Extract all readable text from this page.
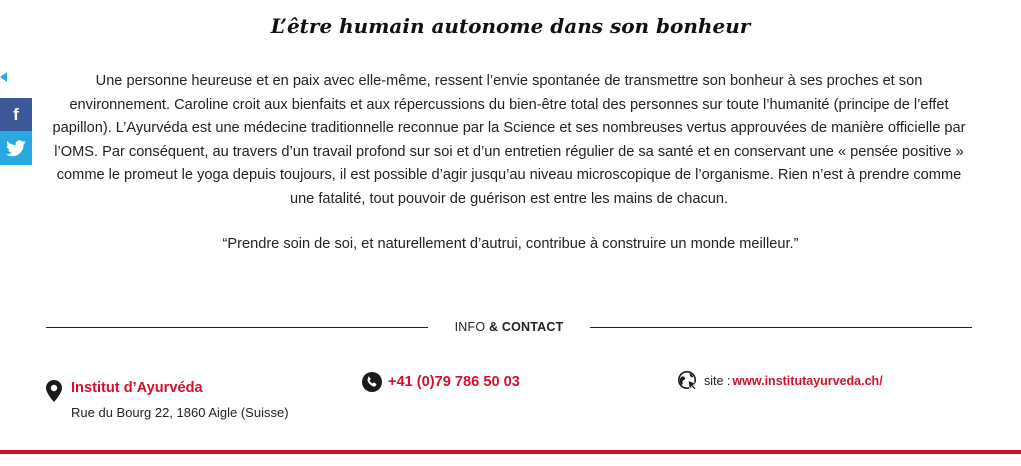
f
L’être humain autonome dans son bonheur

Une personne heureuse et en paix avec elle-même, ressent l’envie spontanée de transmettre son bonheur à ses proches et son environnement. Caroline croit aux bienfaits et aux répercussions du bien-être total des personnes sur toute l’humanité (principe de l’effet papillon). L’Ayurvéda est une médecine traditionnelle reconnue par la Science et ses nombreuses vertus approuvées de manière officielle par l’OMS. Par conséquent, au travers d’un travail profond sur soi et d’un entretien régulier de sa santé et en conservant une « pensée positive » comme le promeut le yoga depuis toujours, il est possible d’agir jusqu’au niveau microscopique de l’organisme. Rien n’est à prendre comme une fatalité, tout pouvoir de guérison est entre les mains de chacun.

“Prendre soin de soi, et naturellement d’autrui, contribue à construire un monde meilleur.”

INFO & CONTACT
Institut d’Ayurvéda
Rue du Bourg 22, 1860 Aigle (Suisse)
+41 (0)79 786 50 03	site : www.institutayurveda.ch/
